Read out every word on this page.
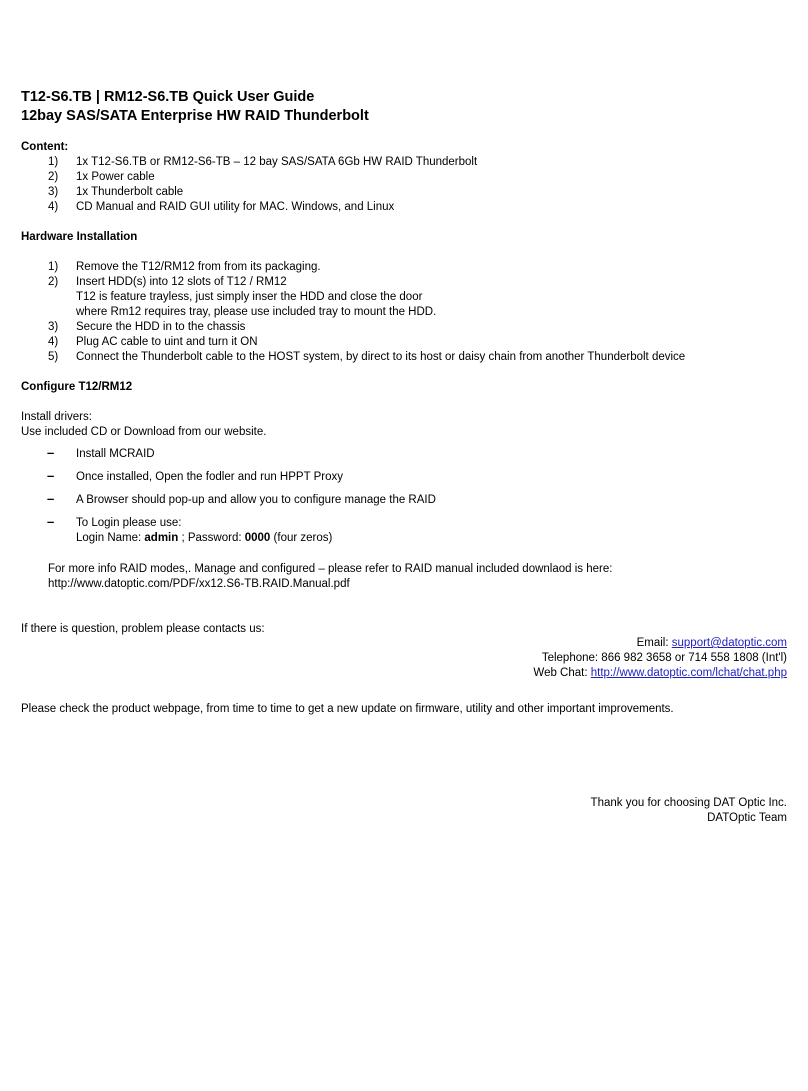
T12-S6.TB | RM12-S6.TB Quick User Guide
12bay SAS/SATA Enterprise HW RAID Thunderbolt
Content:
1) 1x T12-S6.TB or RM12-S6-TB – 12 bay SAS/SATA 6Gb HW RAID Thunderbolt
2) 1x Power cable
3) 1x Thunderbolt cable
4) CD Manual and RAID GUI utility for MAC. Windows, and Linux
Hardware Installation
1) Remove the T12/RM12 from from its packaging.
2) Insert HDD(s) into 12 slots of T12 / RM12
T12 is feature trayless, just simply inser the HDD and close the door
where Rm12 requires tray, please use included tray to mount the HDD.
3) Secure the HDD in to the chassis
4) Plug AC cable to uint and turn it ON
5) Connect the Thunderbolt cable to the HOST system, by direct to its host or daisy chain from another Thunderbolt device
Configure T12/RM12
Install drivers:
Use included CD or Download from our website.
– Install MCRAID
– Once installed, Open the fodler and run HPPT Proxy
– A Browser should pop-up and allow you to configure manage the RAID
– To Login please use:
Login Name: admin ; Password: 0000 (four zeros)
For more info RAID modes,. Manage and configured – please refer to RAID manual included downlaod is here:
http://www.datoptic.com/PDF/xx12.S6-TB.RAID.Manual.pdf
If there is question, problem please contacts us:
Email: support@datoptic.com
Telephone: 866 982 3658 or 714 558 1808 (Int'l)
Web Chat: http://www.datoptic.com/lchat/chat.php
Please check the product webpage, from time to time to get a new update on firmware, utility and other important improvements.
Thank you for choosing DAT Optic Inc.
DATOptic Team
